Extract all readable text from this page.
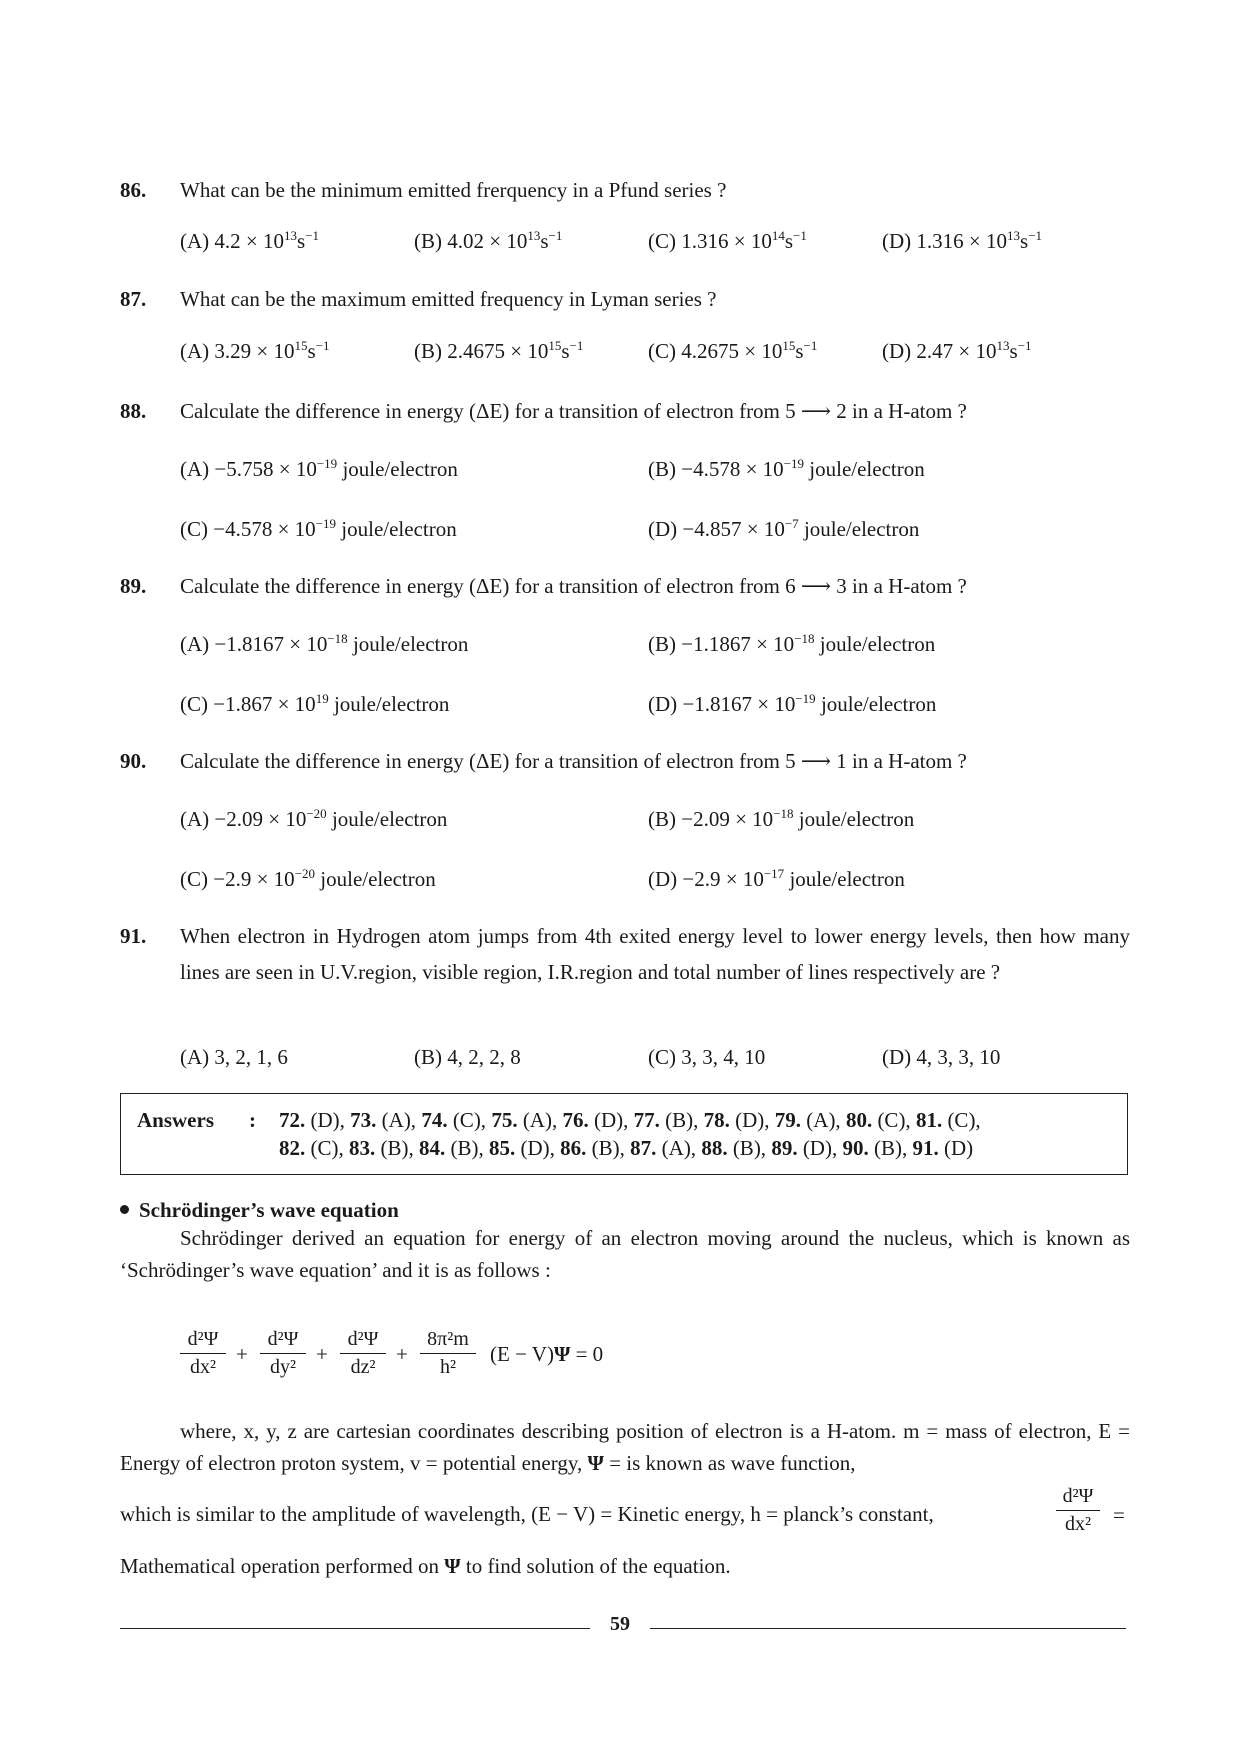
86. What can be the minimum emitted frerquency in a Pfund series ?
(A) $4.2 \times 10^{13}s^{-1}$	(B) $4.02 \times 10^{13}s^{-1}$	(C) $1.316 \times 10^{14}s^{-1}$	(D) $1.316 \times 10^{13}s^{-1}$
87. What can be the maximum emitted frequency in Lyman series ?
(A) $3.29 \times 10^{15}s^{-1}$	(B) $2.4675 \times 10^{15}s^{-1}$	(C) $4.2675 \times 10^{15}s^{-1}$	(D) $2.47 \times 10^{13}s^{-1}$
88. Calculate the difference in energy (ΔE) for a transition of electron from 5 ⟶ 2 in a H-atom ?
$(A) -5.758 \times 10^{-19}$ joule/electron	$(B) -4.578 \times 10^{-19}$ joule/electron
$(C) -4.578 \times 10^{-19}$ joule/electron	$(D) -4.857 \times 10^{-7}$ joule/electron
89. Calculate the difference in energy (ΔE) for a transition of electron from 6 ⟶ 3 in a H-atom ?
$(A) -1.8167 \times 10^{-18}$ joule/electron	$(B) -1.1867 \times 10^{-18}$ joule/electron
$(C) -1.867 \times 10^{19}$ joule/electron	$(D) -1.8167 \times 10^{-19}$ joule/electron
90. Calculate the difference in energy (ΔE) for a transition of electron from 5 ⟶ 1 in a H-atom ?
$(A) -2.09 \times 10^{-20}$ joule/electron	$(B) -2.09 \times 10^{-18}$ joule/electron
$(C) -2.9 \times 10^{-20}$ joule/electron	$(D) -2.9 \times 10^{-17}$ joule/electron
91. When electron in Hydrogen atom jumps from 4th exited energy level to lower energy levels, then how many lines are seen in U.V.region, visible region, I.R.region and total number of lines respectively are ?
(A) 3, 2, 1, 6	(B) 4, 2, 2, 8	(C) 3, 3, 4, 10	(D) 4, 3, 3, 10
Answers : 72. (D), 73. (A), 74. (C), 75. (A), 76. (D), 77. (B), 78. (D), 79. (A), 80. (C), 81. (C),
82. (C), 83. (B), 84. (B), 85. (D), 86. (B), 87. (A), 88. (B), 89. (D), 90. (B), 91. (D)
Schrödinger’s wave equation
Schrödinger derived an equation for energy of an electron moving around the nucleus, which is known as ‘Schrödinger’s wave equation’ and it is as follows :
d²Ψ
dx²
+
d²Ψ
dy²
+
d²Ψ
dz²
+
8π²m
h²
(E − V)Ψ = 0
where, x, y, z are cartesian coordinates describing position of electron is a H-atom. m = mass of electron, E = Energy of electron proton system, v = potential energy, Ψ = is known as wave function,
which is similar to the amplitude of wavelength, (E − V) = Kinetic energy, h = planck’s constant,
d²Ψ
dx²	=
Mathematical operation performed on Ψ to find solution of the equation.
59
